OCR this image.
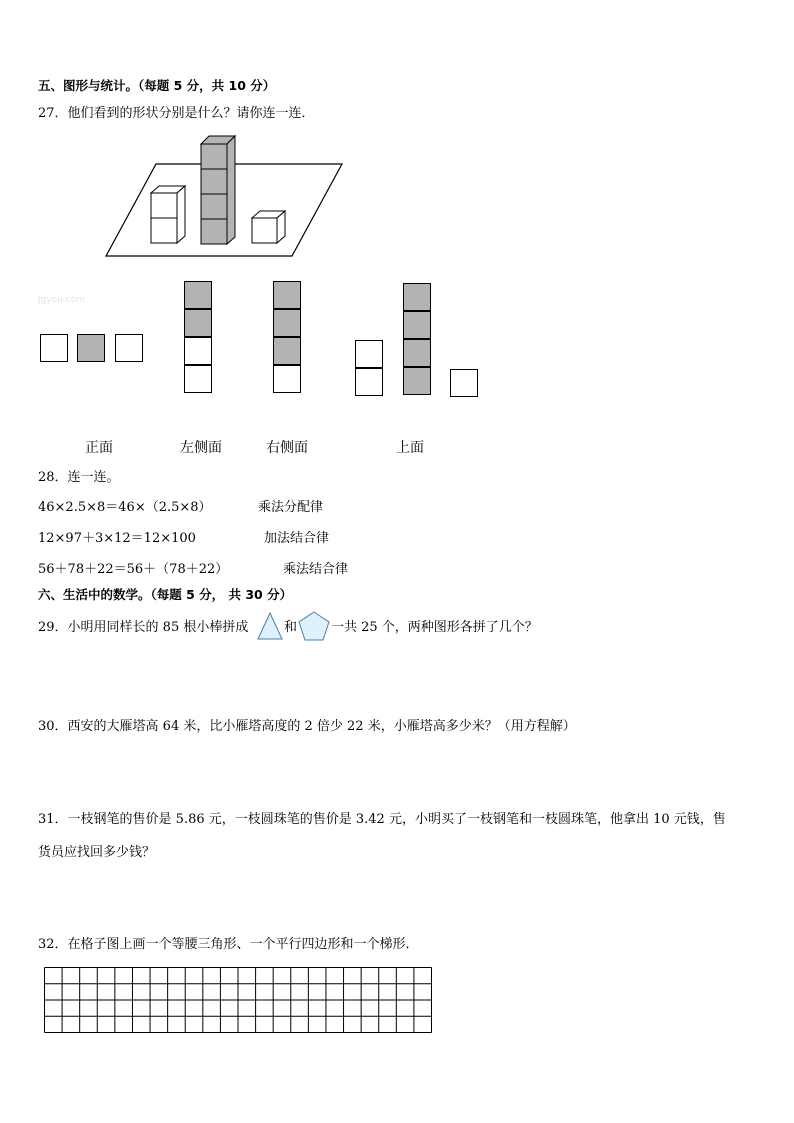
五、图形与统计。（每题 5 分，共 10 分）
27．他们看到的形状分别是什么？请你连一连．
Jgyou.com
正面	左侧面	右侧面	上面
28．连一连。
46×2.5×8＝46×（2.5×8）	乘法分配律
12×97＋3×12＝12×100	加法结合律
56＋78＋22＝56＋（78＋22）	乘法结合律
六、生活中的数学。（每题 5 分， 共 30 分）
29．小明用同样长的 85 根小棒拼成	和	一共 25 个，两种图形各拼了几个？
30．西安的大雁塔高 64 米，比小雁塔高度的 2 倍少 22 米，小雁塔高多少米？（用方程解）
31．一枝钢笔的售价是 5.86 元，一枝圆珠笔的售价是 3.42 元，小明买了一枝钢笔和一枝圆珠笔，他拿出 10 元钱，售
货员应找回多少钱？
32．在格子图上画一个等腰三角形、一个平行四边形和一个梯形．
